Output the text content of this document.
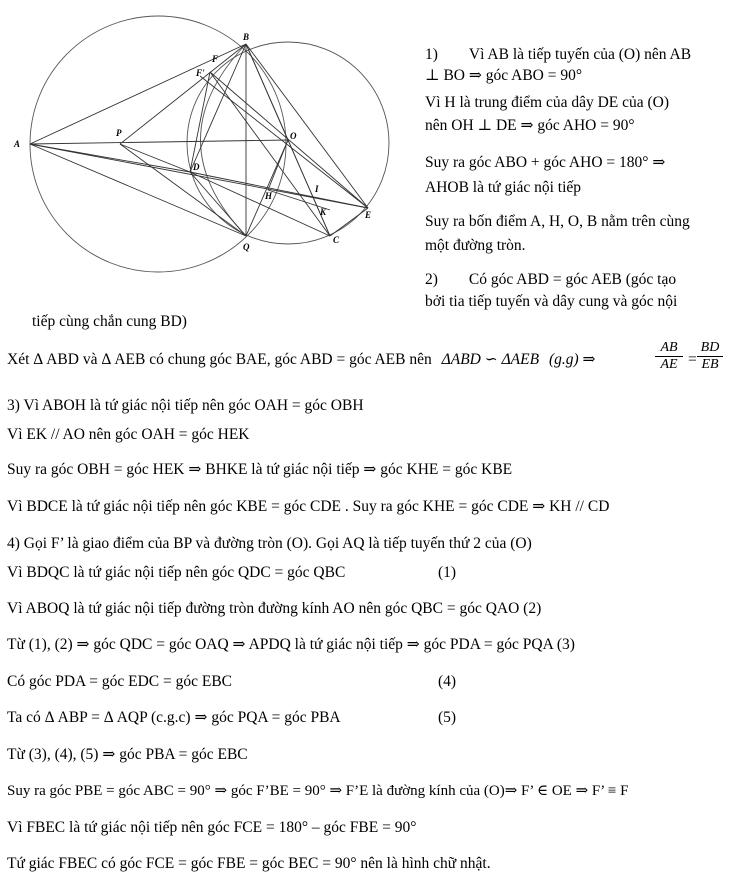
A
B
F'
F
P	O
D
H
I
K	E
C
Q
1)  Vì AB là tiếp tuyến của (O) nên AB
⊥ BO ⇒ góc ABO = 90°
Vì H là trung điểm của dây DE của (O)
nên OH ⊥ DE ⇒ góc AHO = 90°
Suy ra góc ABO + góc AHO = 180° ⇒
AHOB là tứ giác nội tiếp
Suy ra bốn điểm A, H, O, B nằm trên cùng
một đường tròn.
2)  Có góc ABD = góc AEB (góc tạo
bởi tia tiếp tuyến và dây cung và góc nội
tiếp cùng chắn cung BD)
Xét Δ ABD và Δ AEB có chung góc BAE, góc ABD = góc AEB nên ΔABD ∽ ΔAEB (g.g) ⇒	$\frac{AB}{AE} = \frac{BD}{EB}$
3) Vì ABOH là tứ giác nội tiếp nên góc OAH = góc OBH
Vì EK // AO nên góc OAH = góc HEK
Suy ra góc OBH = góc HEK ⇒ BHKE là tứ giác nội tiếp ⇒ góc KHE = góc KBE
Vì BDCE là tứ giác nội tiếp nên góc KBE = góc CDE . Suy ra góc KHE = góc CDE ⇒ KH // CD
4) Gọi F’ là giao điểm của BP và đường tròn (O). Gọi AQ là tiếp tuyến thứ 2 của (O)
Vì BDQC là tứ giác nội tiếp nên góc QDC = góc QBC	(1)
Vì ABOQ là tứ giác nội tiếp đường tròn đường kính AO nên góc QBC = góc QAO (2)
Từ (1), (2) ⇒ góc QDC = góc OAQ ⇒ APDQ là tứ giác nội tiếp ⇒ góc PDA = góc PQA (3)
Có góc PDA = góc EDC = góc EBC	(4)
Ta có Δ ABP = Δ AQP (c.g.c) ⇒ góc PQA = góc PBA	(5)
Từ (3), (4), (5) ⇒ góc PBA = góc EBC
Suy ra góc PBE = góc ABC = 90° ⇒ góc F’BE = 90° ⇒ F’E là đường kính của (O)⇒ F’ ∈ OE ⇒ F’ ≡ F
Vì FBEC là tứ giác nội tiếp nên góc FCE = 180° – góc FBE = 90°
Tứ giác FBEC có góc FCE = góc FBE = góc BEC = 90° nên là hình chữ nhật.
